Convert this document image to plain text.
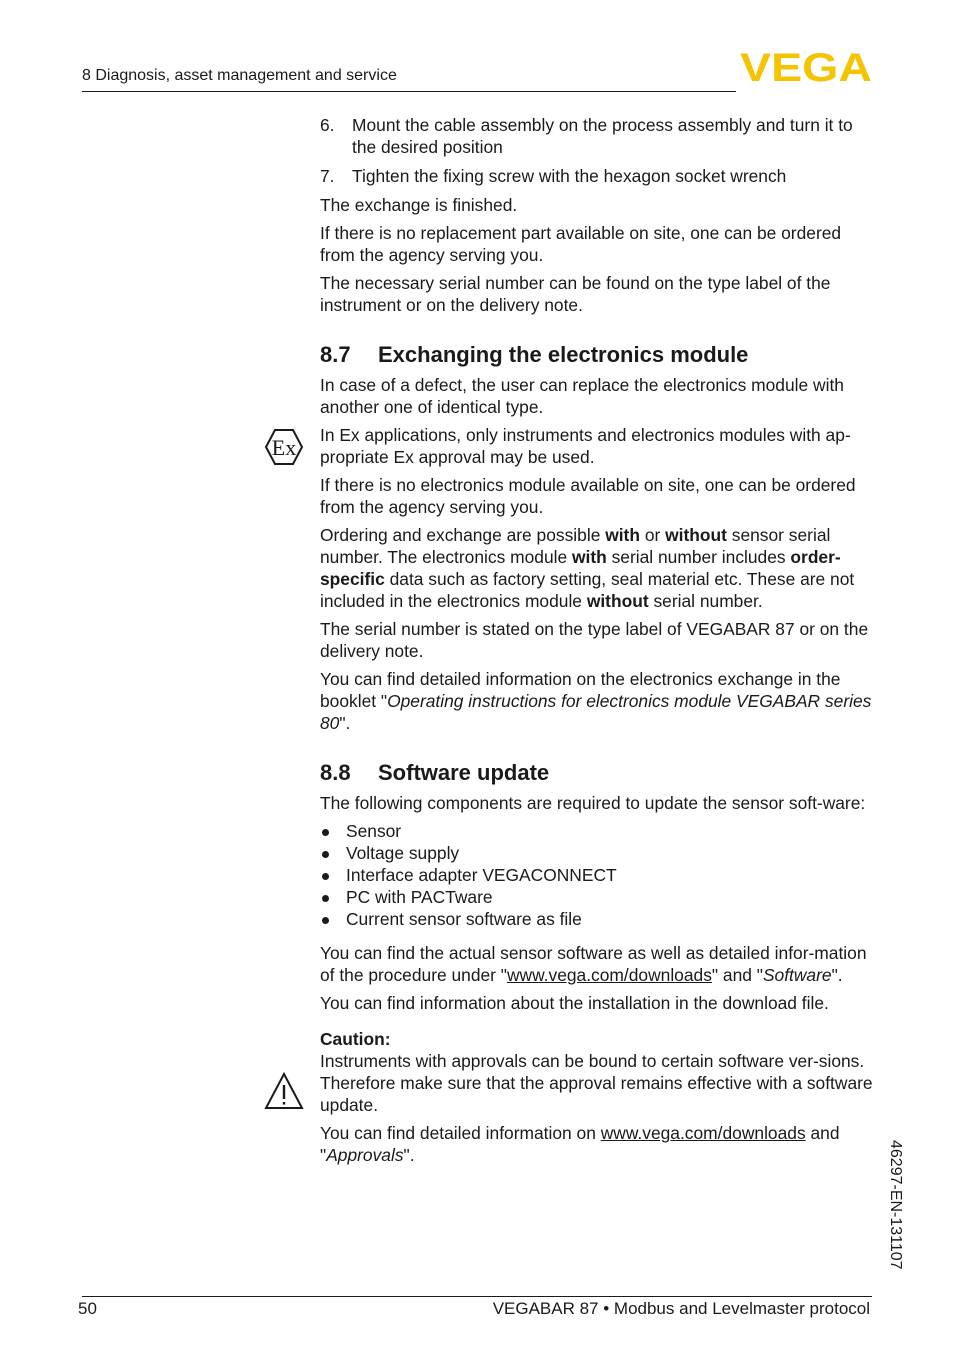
8 Diagnosis, asset management and service	VEGA
Ex
6.	Mount the cable assembly on the process assembly and turn it to the desired position
7.	Tighten the fixing screw with the hexagon socket wrench

The exchange is finished.

If there is no replacement part available on site, one can be ordered from the agency serving you.

The necessary serial number can be found on the type label of the instrument or on the delivery note.

8.7	Exchanging the electronics module

In case of a defect, the user can replace the electronics module with another one of identical type.

In Ex applications, only instruments and electronics modules with ap-propriate Ex approval may be used.

If there is no electronics module available on site, one can be ordered from the agency serving you.

Ordering and exchange are possible with or without sensor serial number. The electronics module with serial number includes order-specific data such as factory setting, seal material etc. These are not included in the electronics module without serial number.

The serial number is stated on the type label of VEGABAR 87 or on the delivery note.

You can find detailed information on the electronics exchange in the booklet "Operating instructions for electronics module VEGABAR series 80".

8.8	Software update

The following components are required to update the sensor soft-ware:

Sensor
Voltage supply
Interface adapter VEGACONNECT
PC with PACTware
Current sensor software as file

You can find the actual sensor software as well as detailed infor-mation of the procedure under "www.vega.com/downloads" and "Software".

You can find information about the installation in the download file.

Caution:
Instruments with approvals can be bound to certain software ver-sions. Therefore make sure that the approval remains effective with a software update.

You can find detailed information on www.vega.com/downloads and "Approvals".	46297-EN-131107
50	VEGABAR 87 • Modbus and Levelmaster protocol
